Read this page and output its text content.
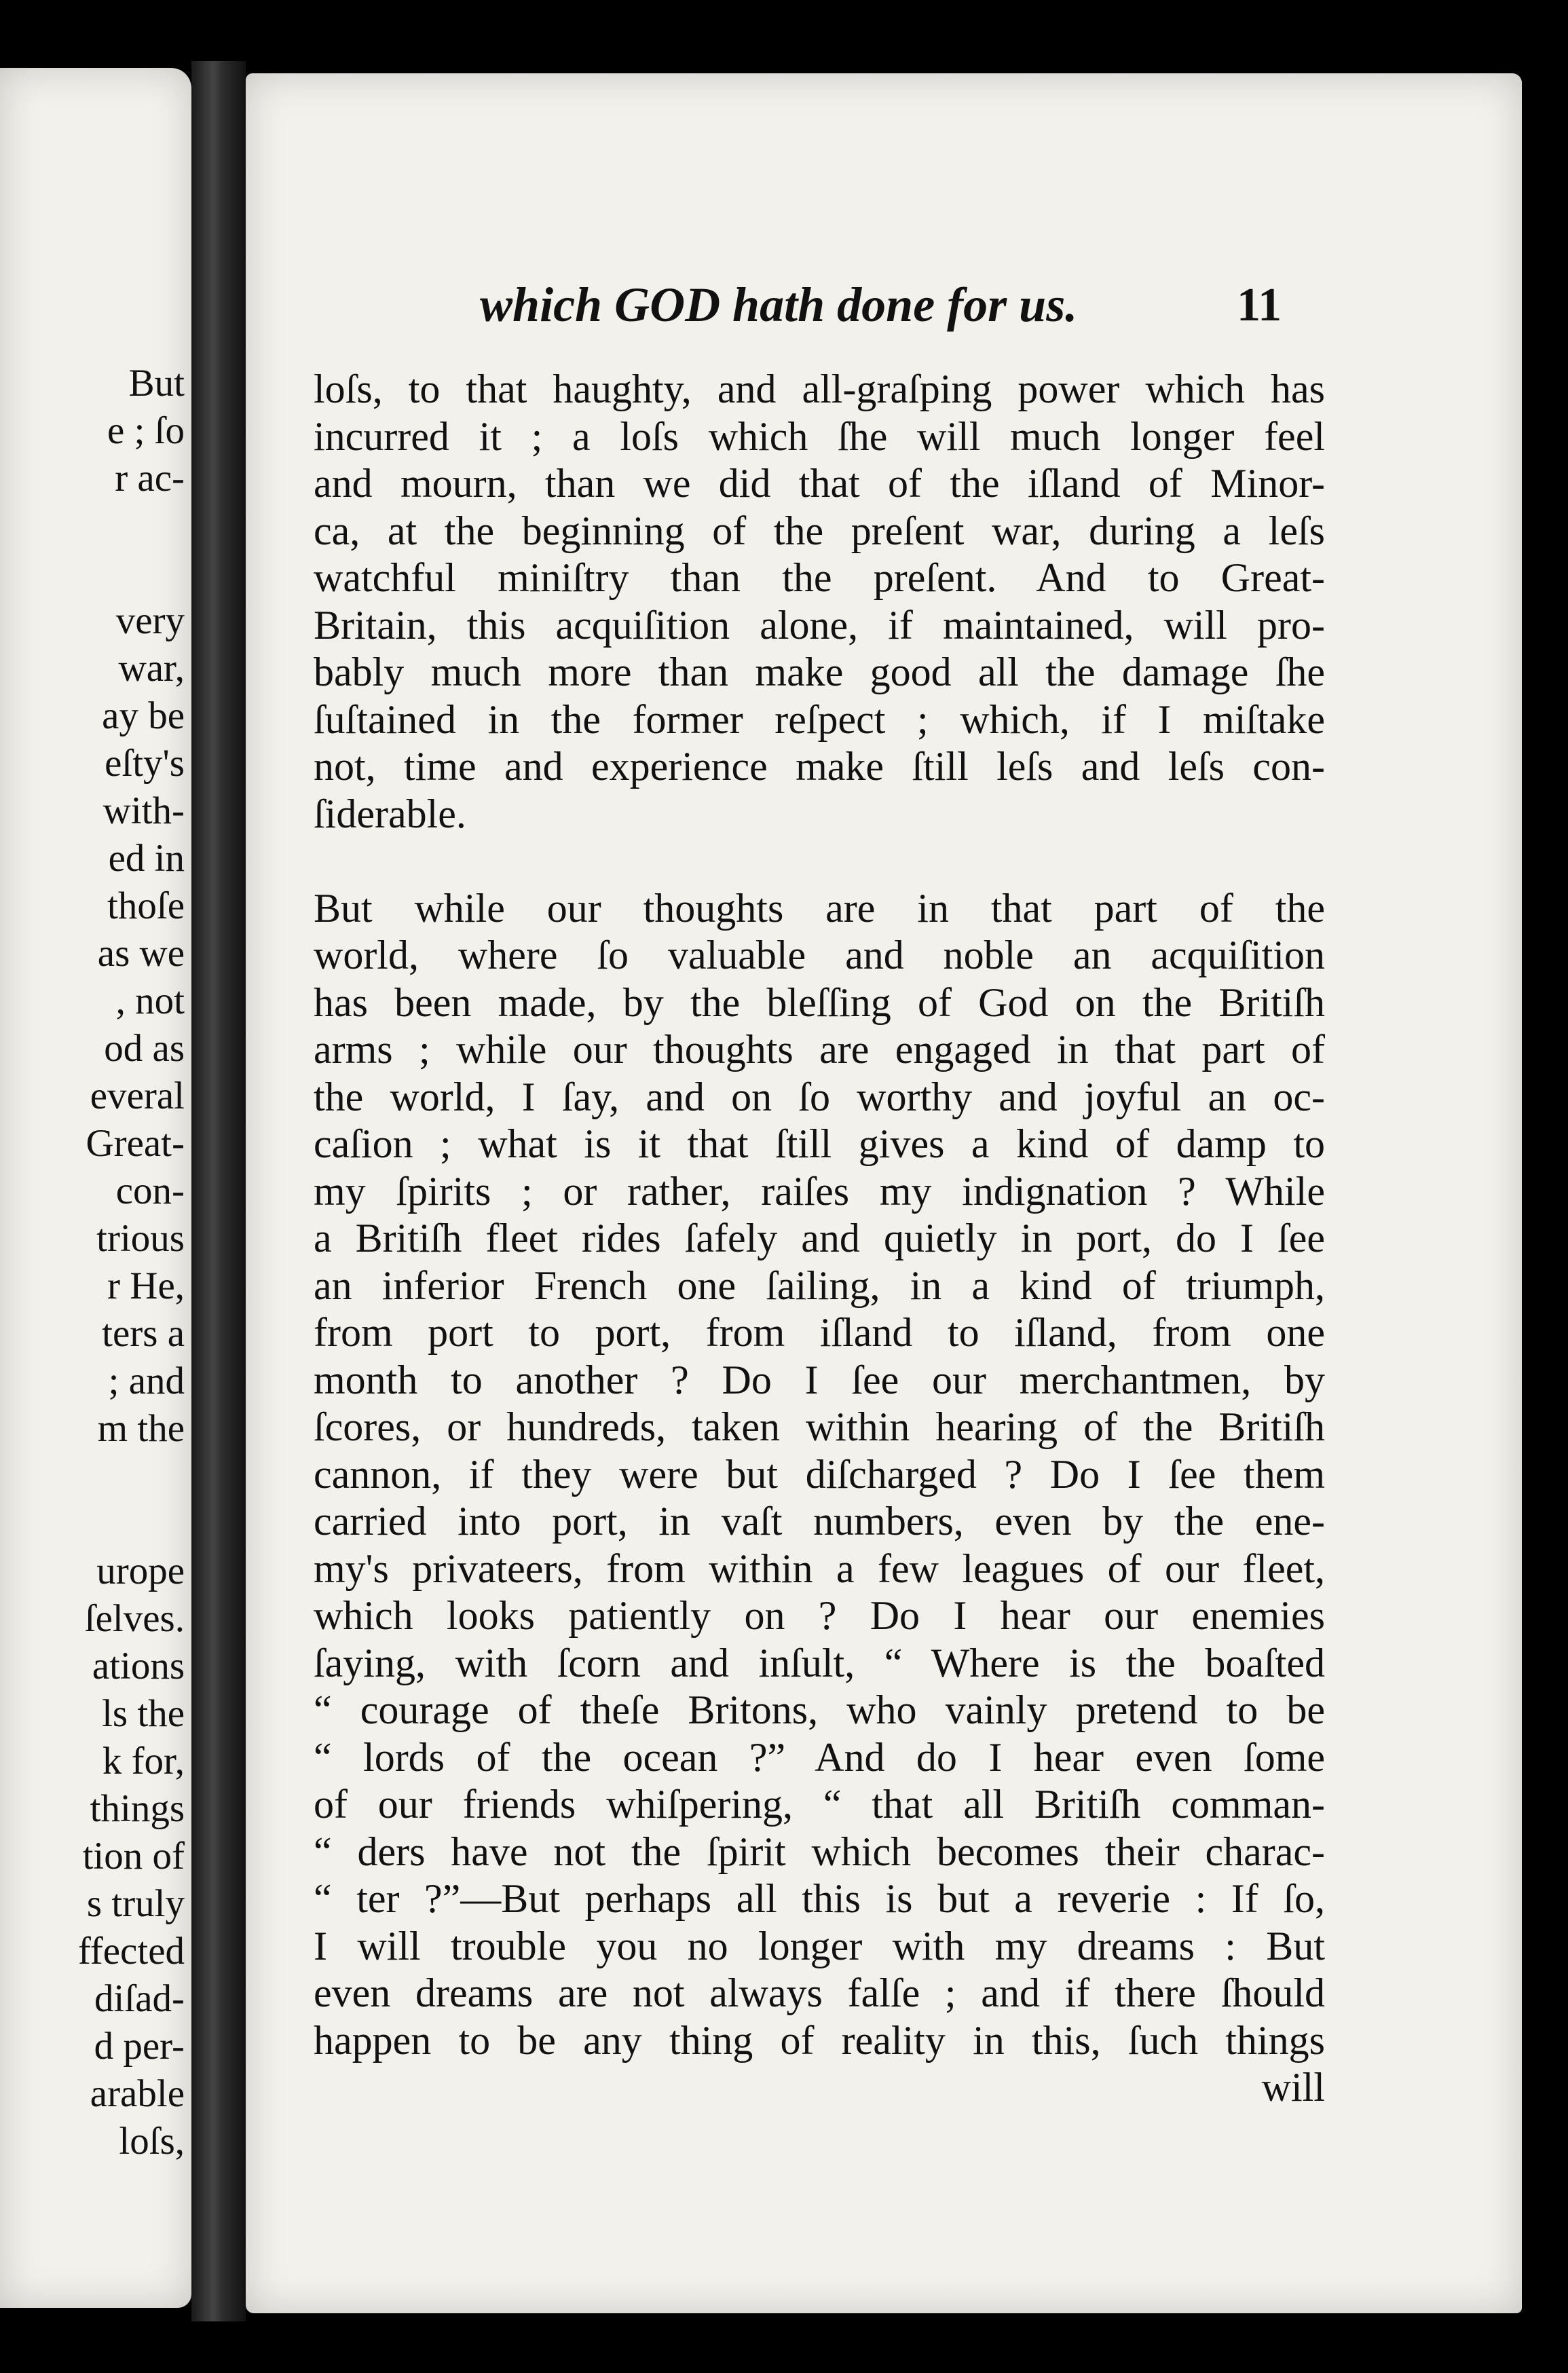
But
e ; ſo
r ac-
very
war,
ay be
eſty's
with-
ed in
thoſe
as we
, not
od as
everal
Great-
con-
trious
r He,
ters a
; and
m the
urope
ſelves.
ations
ls the
k for,
things
tion of
s truly
ffected
diſad-
d per-
arable
loſs,
which GOD hath done for us.	11
loſs, to that haughty, and all-graſping power which has
incurred it ; a loſs which ſhe will much longer feel
and mourn, than we did that of the iſland of Minor-
ca, at the beginning of the preſent war, during a leſs
watchful miniſtry than the preſent. And to Great-
Britain, this acquiſition alone, if maintained, will pro-
bably much more than make good all the damage ſhe
ſuſtained in the former reſpect ; which, if I miſtake
not, time and experience make ſtill leſs and leſs con-
ſiderable.
But while our thoughts are in that part of the
world, where ſo valuable and noble an acquiſition
has been made, by the bleſſing of God on the Britiſh
arms ; while our thoughts are engaged in that part of
the world, I ſay, and on ſo worthy and joyful an oc-
caſion ; what is it that ſtill gives a kind of damp to
my ſpirits ; or rather, raiſes my indignation ? While
a Britiſh fleet rides ſafely and quietly in port, do I ſee
an inferior French one ſailing, in a kind of triumph,
from port to port, from iſland to iſland, from one
month to another ? Do I ſee our merchantmen, by
ſcores, or hundreds, taken within hearing of the Britiſh
cannon, if they were but diſcharged ? Do I ſee them
carried into port, in vaſt numbers, even by the ene-
my's privateers, from within a few leagues of our fleet,
which looks patiently on ? Do I hear our enemies
ſaying, with ſcorn and inſult, “ Where is the boaſted
“ courage of theſe Britons, who vainly pretend to be
“ lords of the ocean ?” And do I hear even ſome
of our friends whiſpering, “ that all Britiſh comman-
“ ders have not the ſpirit which becomes their charac-
“ ter ?”—But perhaps all this is but a reverie : If ſo,
I will trouble you no longer with my dreams : But
even dreams are not always falſe ; and if there ſhould
happen to be any thing of reality in this, ſuch things
will
